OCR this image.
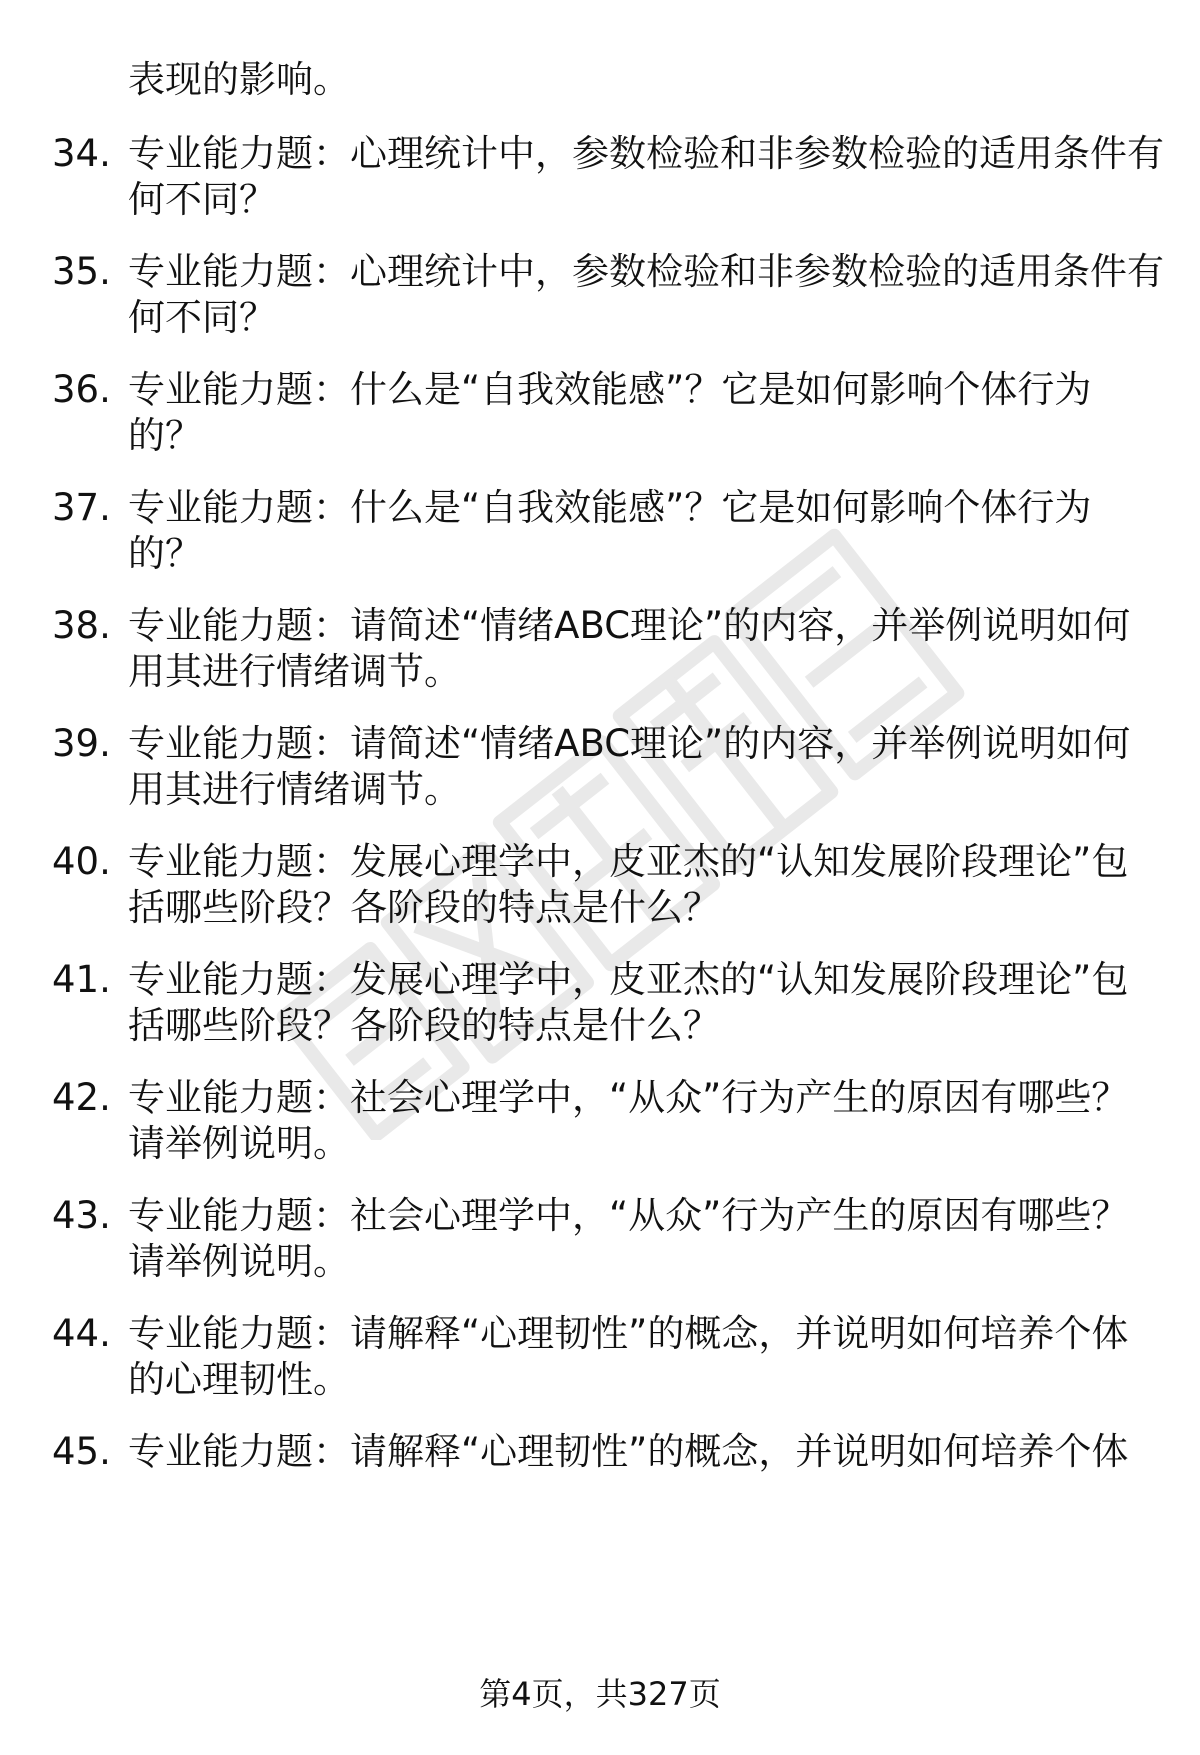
表现的影响。
34. 专业能力题：心理统计中，参数检验和非参数检验的适用条件有
何不同？
35. 专业能力题：心理统计中，参数检验和非参数检验的适用条件有
何不同？
36. 专业能力题：什么是“自我效能感”？它是如何影响个体行为
的？
37. 专业能力题：什么是“自我效能感”？它是如何影响个体行为
的？
38. 专业能力题：请简述“情绪ABC理论”的内容，并举例说明如何
用其进行情绪调节。
39. 专业能力题：请简述“情绪ABC理论”的内容，并举例说明如何
用其进行情绪调节。
40. 专业能力题：发展心理学中，皮亚杰的“认知发展阶段理论”包
括哪些阶段？各阶段的特点是什么？
41. 专业能力题：发展心理学中，皮亚杰的“认知发展阶段理论”包
括哪些阶段？各阶段的特点是什么？
42. 专业能力题：社会心理学中，“从众”行为产生的原因有哪些？
请举例说明。
43. 专业能力题：社会心理学中，“从众”行为产生的原因有哪些？
请举例说明。
44. 专业能力题：请解释“心理韧性”的概念，并说明如何培养个体
的心理韧性。
45. 专业能力题：请解释“心理韧性”的概念，并说明如何培养个体
第4页，共327页
